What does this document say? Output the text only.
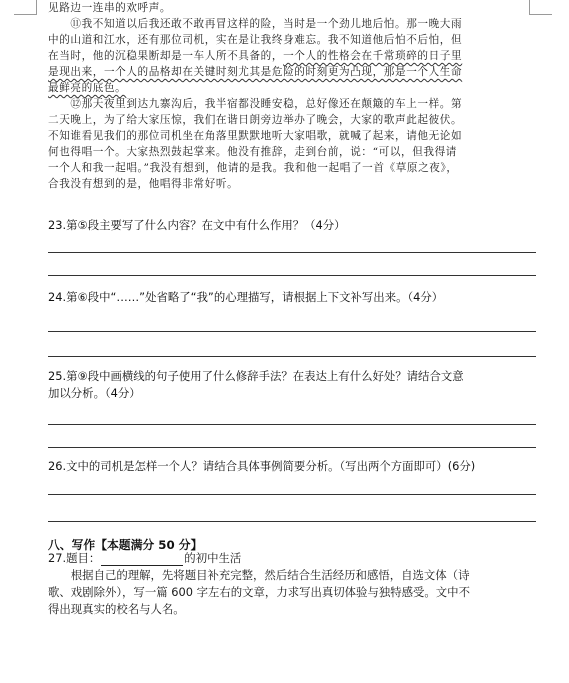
见路边一连串的欢呼声。
　　⑪我不知道以后我还敢不敢再冒这样的险，当时是一个劲儿地后怕。那一晚大雨
中的山道和江水，还有那位司机，实在是让我终身难忘。我不知道他后怕不后怕，但
在当时，他的沉稳果断却是一车人所不具备的，一个人的性格会在千常琐碎的日子里
是现出来，一个人的品格却在关键时刻尤其是危险的时刻更为凸现，那是一个人生命
最鲜亮的底色。
　　⑫那天夜里到达九寨沟后，我半宿都没睡安稳，总好像还在颠簸的车上一样。第
二天晚上，为了给大家压惊，我们在谐日朗旁边举办了晚会，大家的歌声此起彼伏。
不知谁看见我们的那位司机坐在角落里默默地听大家唱歌，就喊了起来，请他无论如
何也得唱一个。大家热烈鼓起掌来。他没有推辞，走到台前，说：“可以，但我得请
一个人和我一起唱。”我没有想到，他请的是我。我和他一起唱了一首《草原之夜》，
合我没有想到的是，他唱得非常好听。
23.第⑤段主要写了什么内容？在文中有什么作用？（4分）
24.第⑥段中“……”处省略了“我”的心理描写，请根据上下文补写出来。（4分）
25.第⑨段中画横线的句子使用了什么修辞手法？在表达上有什么好处？请结合文意
加以分析。（4分）
26.文中的司机是怎样一个人？请结合具体事例简要分析。（写出两个方面即可）(6分)
八、写作【本题满分 50 分】
27.题目：	的初中生活
　　根据自己的理解，先将题目补充完整，然后结合生活经历和感悟，自选文体（诗
歌、戏剧除外），写一篇 600 字左右的文章，力求写出真切体验与独特感受。文中不
得出现真实的校名与人名。
